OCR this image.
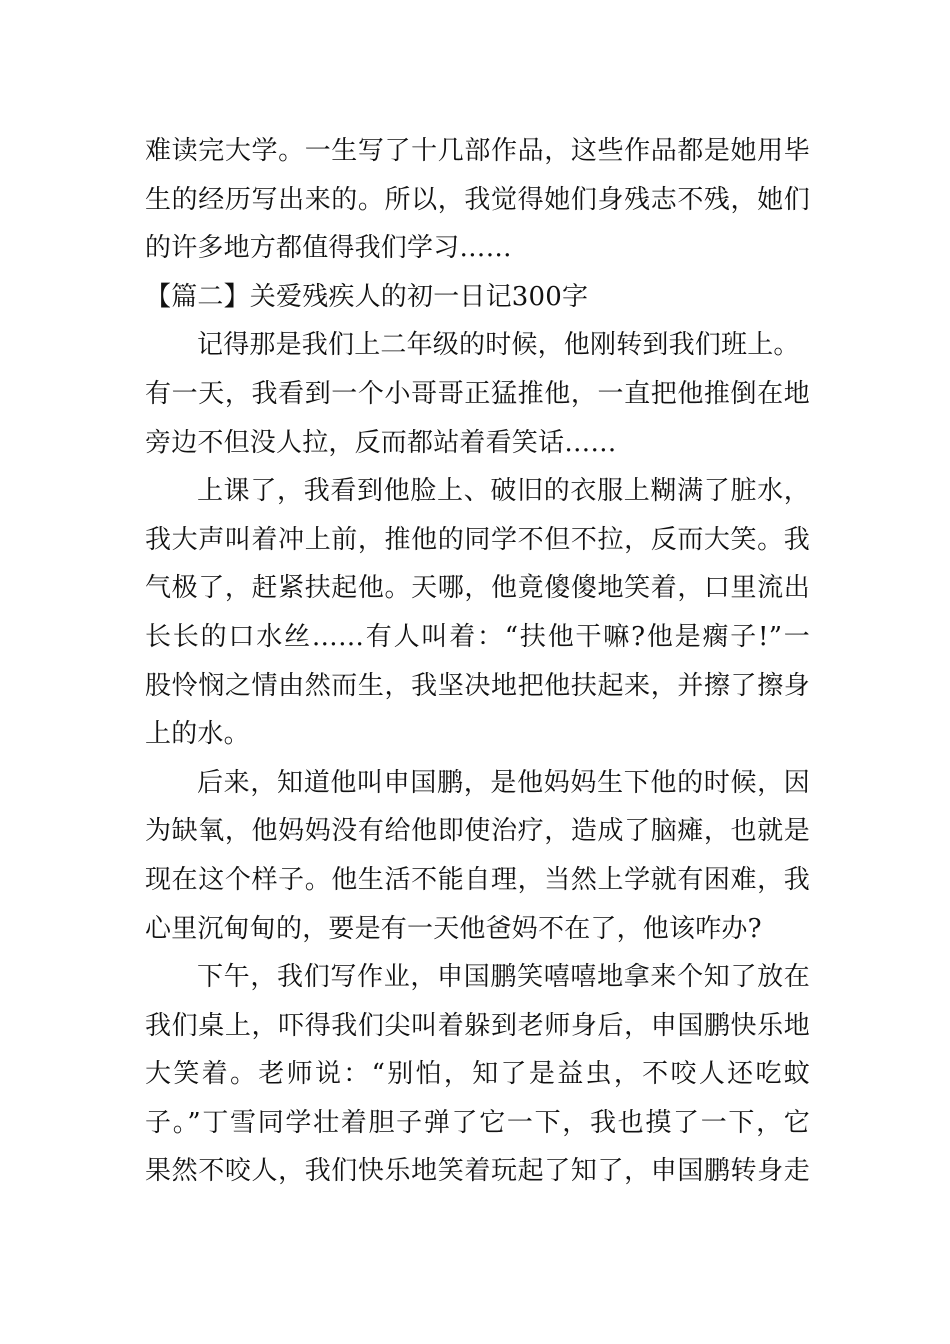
难读完大学。一生写了十几部作品，这些作品都是她用毕
生的经历写出来的。所以，我觉得她们身残志不残，她们
的许多地方都值得我们学习……
【篇二】关爱残疾人的初一日记300字
记得那是我们上二年级的时候，他刚转到我们班上。
有一天，我看到一个小哥哥正猛推他，一直把他推倒在地
旁边不但没人拉，反而都站着看笑话……
上课了，我看到他脸上、破旧的衣服上糊满了脏水，
我大声叫着冲上前，推他的同学不但不拉，反而大笑。我
气极了，赶紧扶起他。天哪，他竟傻傻地笑着，口里流出
长长的口水丝……有人叫着：“扶他干嘛?他是瘸子!”一
股怜悯之情由然而生，我坚决地把他扶起来，并擦了擦身
上的水。
后来，知道他叫申国鹏，是他妈妈生下他的时候，因
为缺氧，他妈妈没有给他即使治疗，造成了脑瘫，也就是
现在这个样子。他生活不能自理，当然上学就有困难，我
心里沉甸甸的，要是有一天他爸妈不在了，他该咋办?
下午，我们写作业，申国鹏笑嘻嘻地拿来个知了放在
我们桌上，吓得我们尖叫着躲到老师身后，申国鹏快乐地
大笑着。老师说：“别怕，知了是益虫，不咬人还吃蚊
子。”丁雪同学壮着胆子弹了它一下，我也摸了一下，它
果然不咬人，我们快乐地笑着玩起了知了，申国鹏转身走
